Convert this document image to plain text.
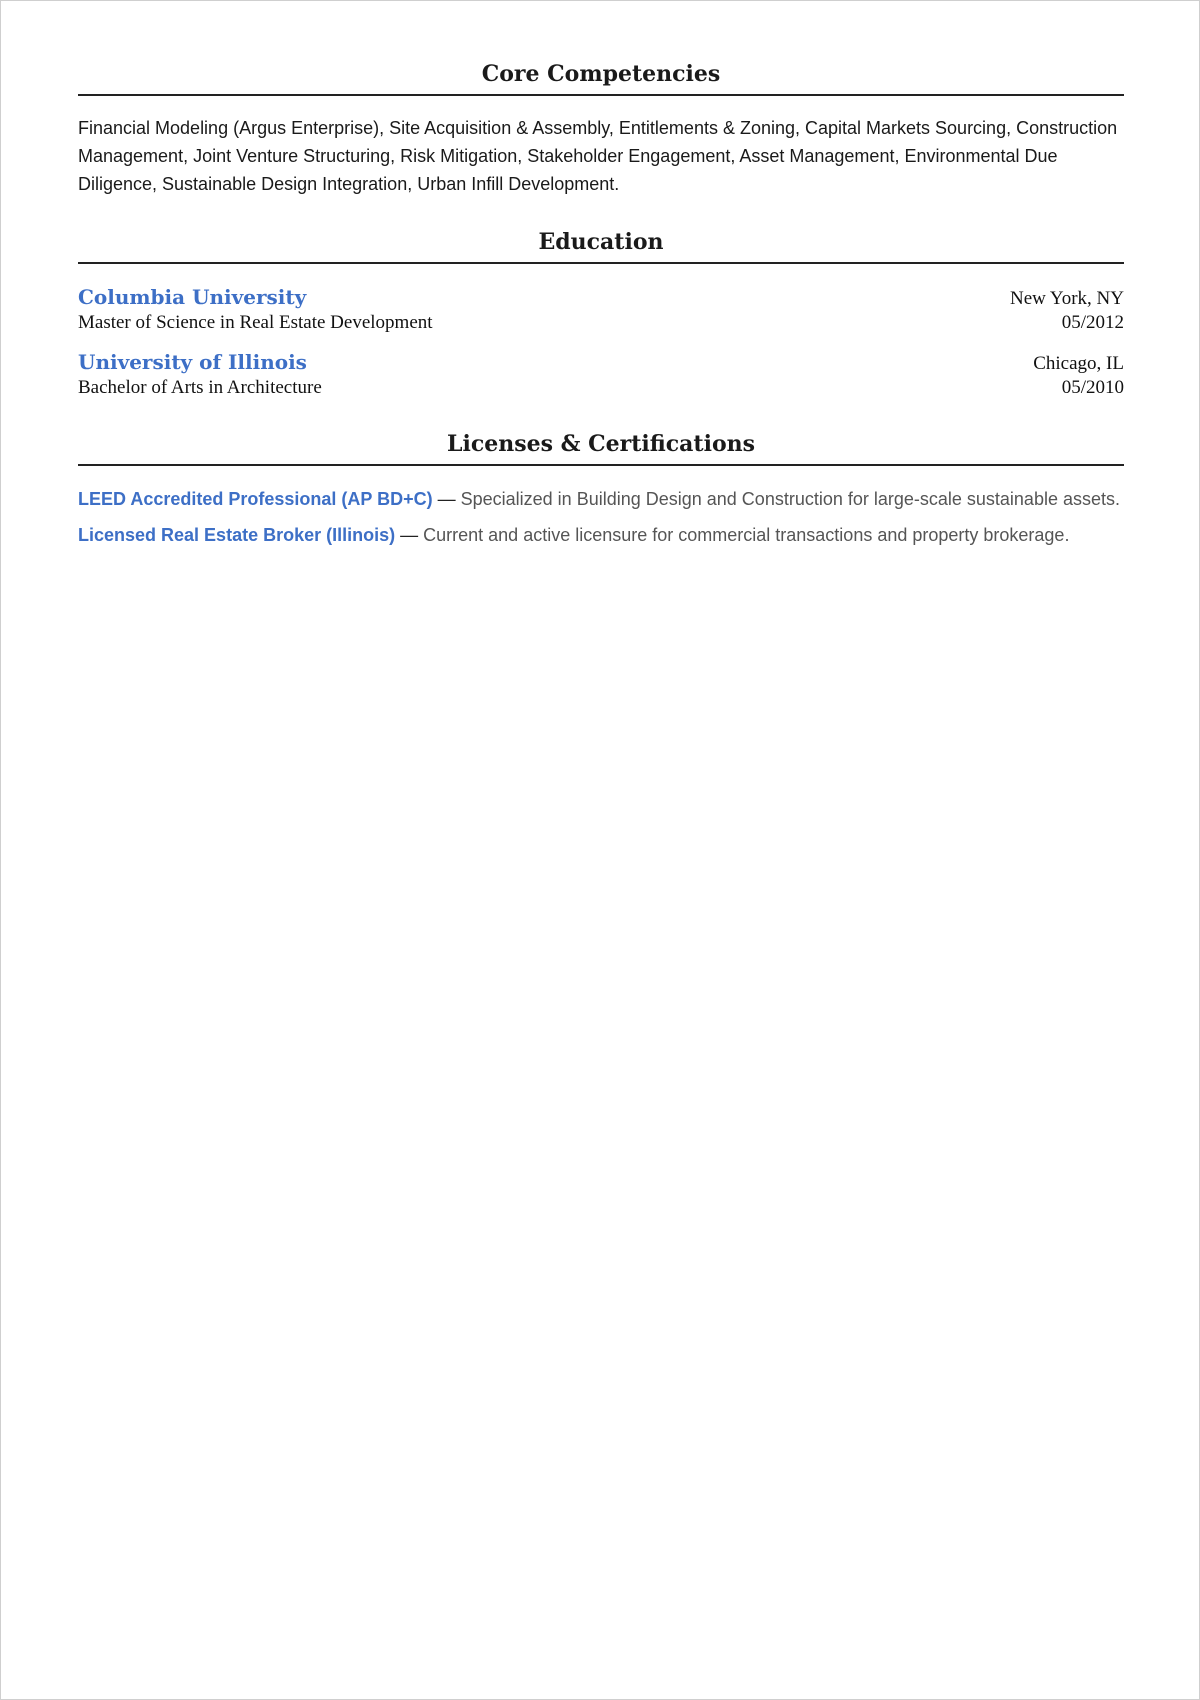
Core Competencies

Financial Modeling (Argus Enterprise), Site Acquisition & Assembly, Entitlements & Zoning, Capital Markets Sourcing, Construction Management, Joint Venture Structuring, Risk Mitigation, Stakeholder Engagement, Asset Management, Environmental Due Diligence, Sustainable Design Integration, Urban Infill Development.

Education
Columbia University	New York, NY
Master of Science in Real Estate Development	05/2012
University of Illinois	Chicago, IL
Bachelor of Arts in Architecture	05/2010
Licenses & Certifications

LEED Accredited Professional (AP BD+C) — Specialized in Building Design and Construction for large-scale sustainable assets.

Licensed Real Estate Broker (Illinois) — Current and active licensure for commercial transactions and property brokerage.
